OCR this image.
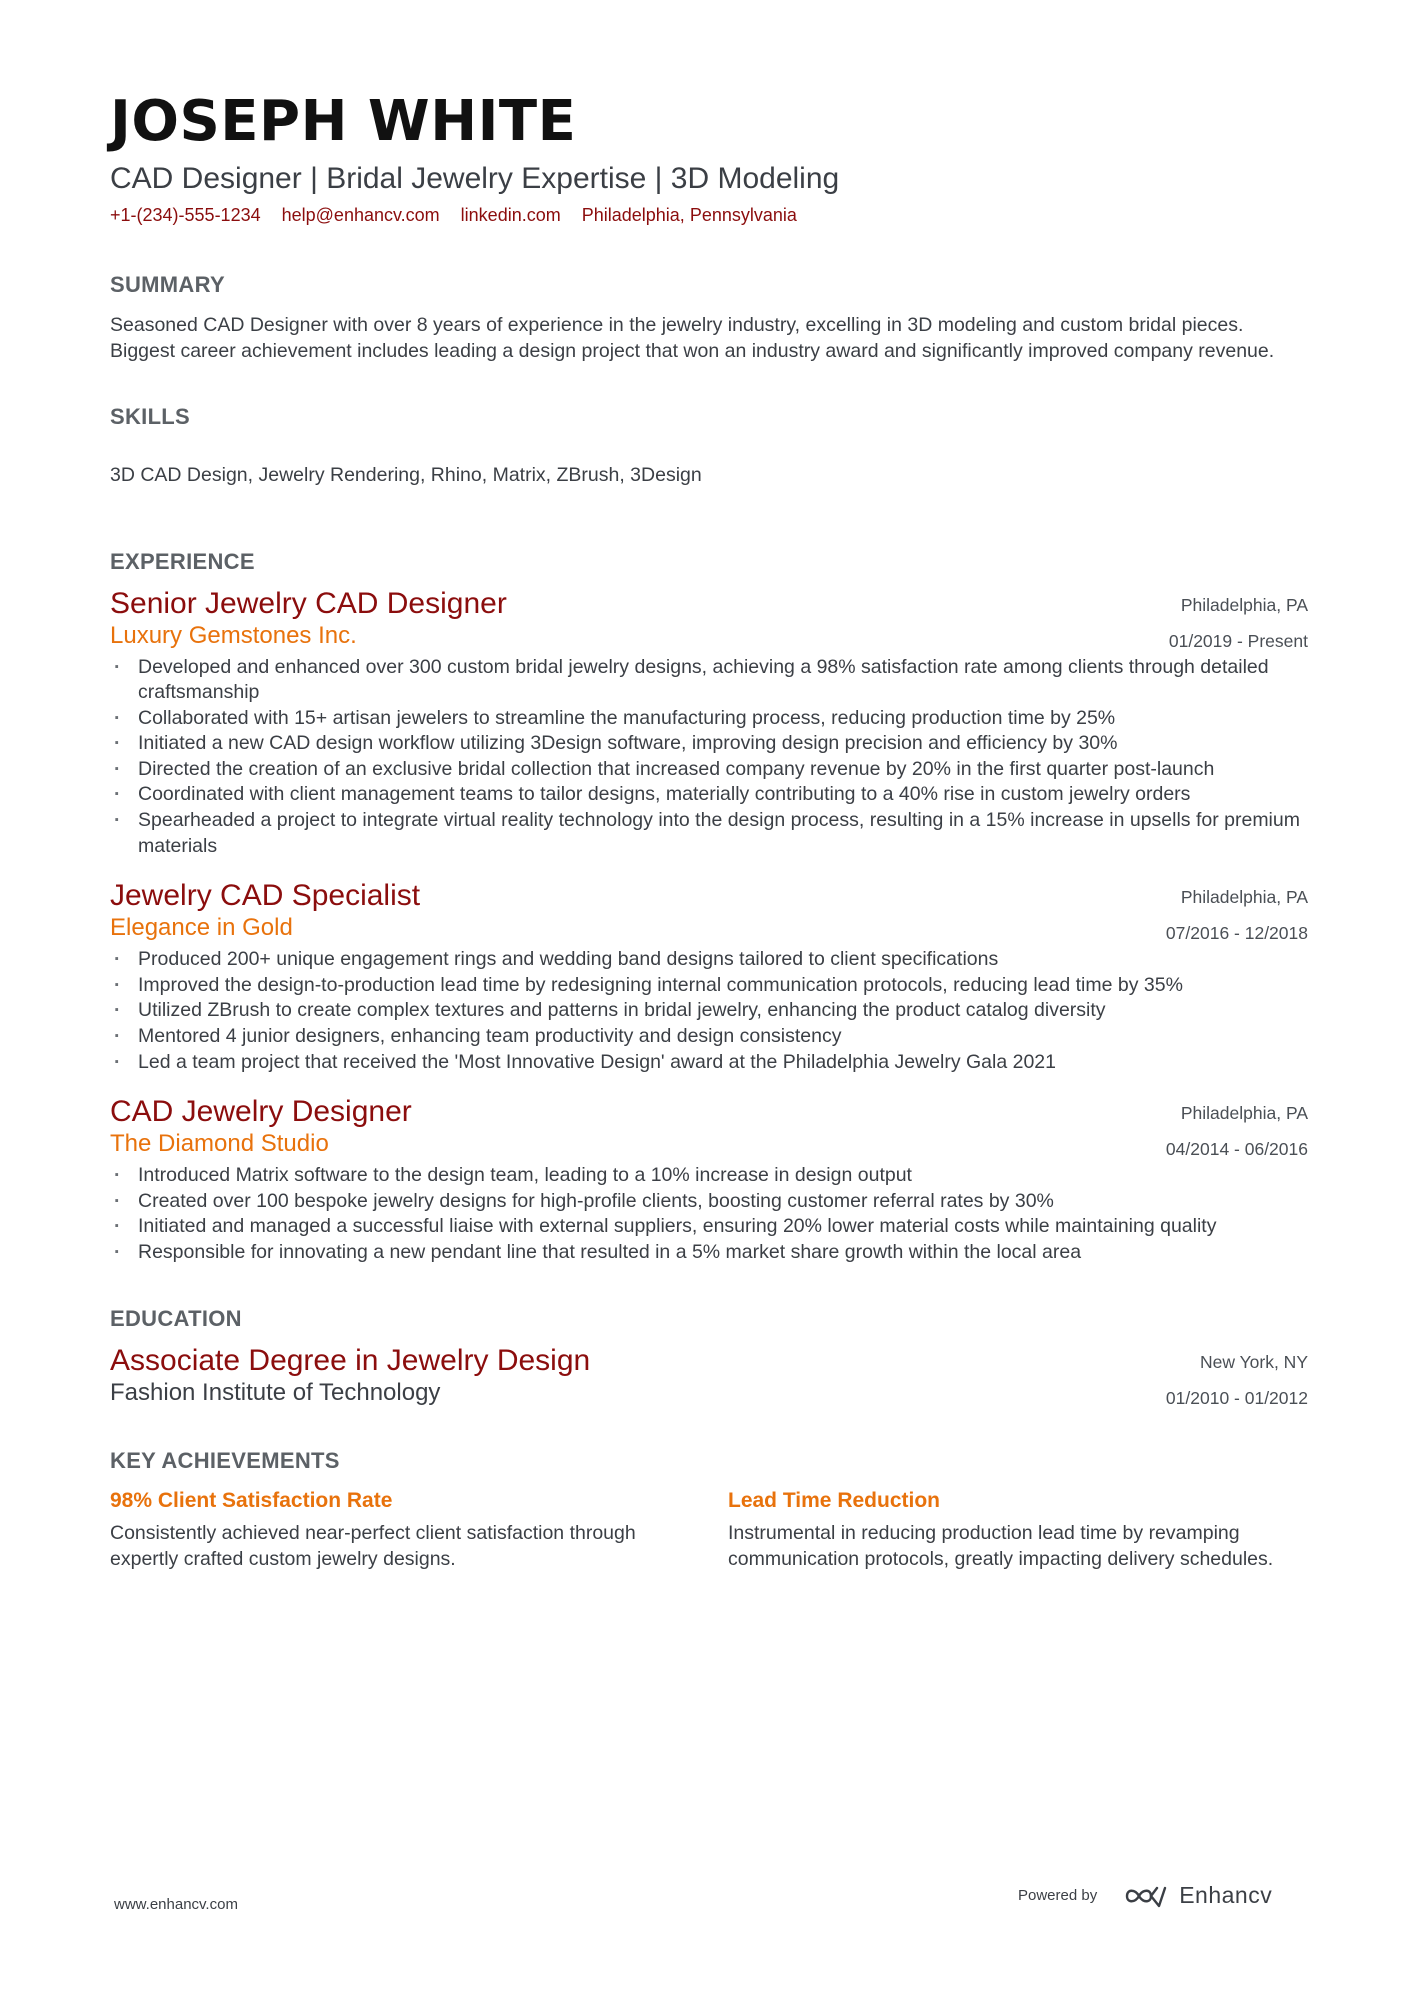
JOSEPH WHITE
CAD Designer | Bridal Jewelry Expertise | 3D Modeling
+1-(234)-555-1234 help@enhancv.com linkedin.com Philadelphia, Pennsylvania
SUMMARY

Seasoned CAD Designer with over 8 years of experience in the jewelry industry, excelling in 3D modeling and custom bridal pieces. Biggest career achievement includes leading a design project that won an industry award and significantly improved company revenue.

SKILLS

3D CAD Design, Jewelry Rendering, Rhino, Matrix, ZBrush, 3Design

EXPERIENCE
Senior Jewelry CAD Designer
Luxury Gemstones Inc.
Philadelphia, PA
01/2019 - Present
· Developed and enhanced over 300 custom bridal jewelry designs, achieving a 98% satisfaction rate among clients through detailed craftsmanship
· Collaborated with 15+ artisan jewelers to streamline the manufacturing process, reducing production time by 25%
· Initiated a new CAD design workflow utilizing 3Design software, improving design precision and efficiency by 30%
· Directed the creation of an exclusive bridal collection that increased company revenue by 20% in the first quarter post-launch
· Coordinated with client management teams to tailor designs, materially contributing to a 40% rise in custom jewelry orders
· Spearheaded a project to integrate virtual reality technology into the design process, resulting in a 15% increase in upsells for premium materials
Jewelry CAD Specialist
Elegance in Gold
Philadelphia, PA
07/2016 - 12/2018
· Produced 200+ unique engagement rings and wedding band designs tailored to client specifications
· Improved the design-to-production lead time by redesigning internal communication protocols, reducing lead time by 35%
· Utilized ZBrush to create complex textures and patterns in bridal jewelry, enhancing the product catalog diversity
· Mentored 4 junior designers, enhancing team productivity and design consistency
· Led a team project that received the 'Most Innovative Design' award at the Philadelphia Jewelry Gala 2021
CAD Jewelry Designer
The Diamond Studio
Philadelphia, PA
04/2014 - 06/2016
· Introduced Matrix software to the design team, leading to a 10% increase in design output
· Created over 100 bespoke jewelry designs for high-profile clients, boosting customer referral rates by 30%
· Initiated and managed a successful liaise with external suppliers, ensuring 20% lower material costs while maintaining quality
· Responsible for innovating a new pendant line that resulted in a 5% market share growth within the local area
EDUCATION
Associate Degree in Jewelry Design
Fashion Institute of Technology
New York, NY
01/2010 - 01/2012
KEY ACHIEVEMENTS
98% Client Satisfaction Rate
Consistently achieved near-perfect client satisfaction through expertly crafted custom jewelry designs.
Lead Time Reduction
Instrumental in reducing production lead time by revamping communication protocols, greatly impacting delivery schedules.
www.enhancv.com
Powered by	Enhancv
